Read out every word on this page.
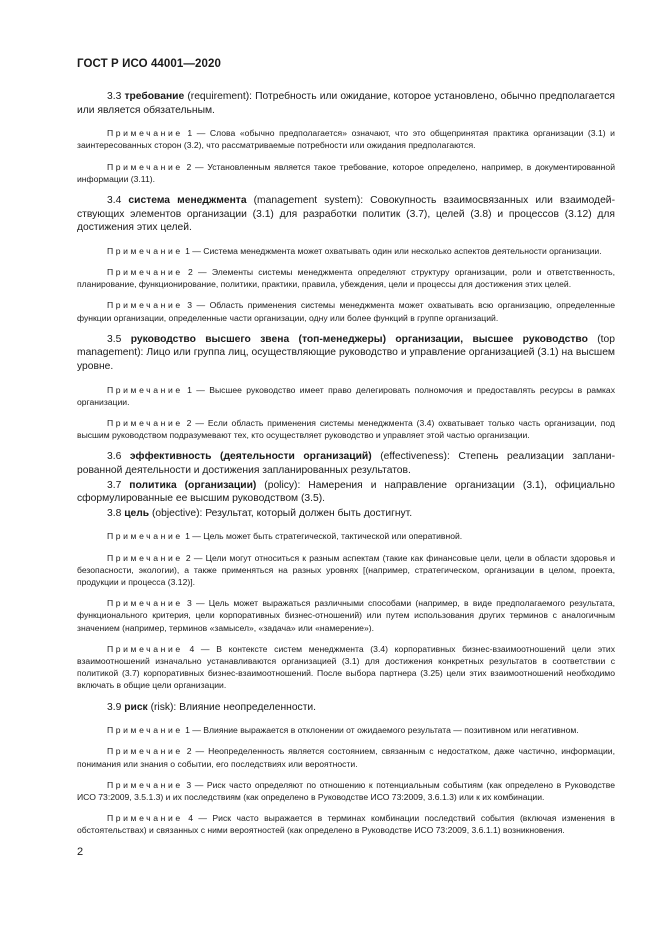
ГОСТ Р ИСО 44001—2020

3.3 требование (requirement): Потребность или ожидание, которое установлено, обычно предполагается или является обязательным.

Примечание 1 — Слова «обычно предполагается» означают, что это общепринятая практика организации (3.1) и заинтересованных сторон (3.2), что рассматриваемые потребности или ожидания предполагаются.

Примечание 2 — Установленным является такое требование, которое определено, например, в документированной информации (3.11).

3.4 система менеджмента (management system): Совокупность взаимосвязанных или взаимодействующих элементов организации (3.1) для разработки политик (3.7), целей (3.8) и процессов (3.12) для достижения этих целей.

Примечание 1 — Система менеджмента может охватывать один или несколько аспектов деятельности организации.

Примечание 2 — Элементы системы менеджмента определяют структуру организации, роли и ответственность, планирование, функционирование, политики, практики, правила, убеждения, цели и процессы для достижения этих целей.

Примечание 3 — Область применения системы менеджмента может охватывать всю организацию, определенные функции организации, определенные части организации, одну или более функций в группе организаций.

3.5 руководство высшего звена (топ-менеджеры) организации, высшее руководство (top management): Лицо или группа лиц, осуществляющие руководство и управление организацией (3.1) на высшем уровне.

Примечание 1 — Высшее руководство имеет право делегировать полномочия и предоставлять ресурсы в рамках организации.

Примечание 2 — Если область применения системы менеджмента (3.4) охватывает только часть организации, под высшим руководством подразумевают тех, кто осуществляет руководство и управляет этой частью организации.

3.6 эффективность (деятельности организаций) (effectiveness): Степень реализации запланированной деятельности и достижения запланированных результатов.

3.7 политика (организации) (policy): Намерения и направление организации (3.1), официально сформулированные ее высшим руководством (3.5).

3.8 цель (objective): Результат, который должен быть достигнут.

Примечание 1 — Цель может быть стратегической, тактической или оперативной.

Примечание 2 — Цели могут относиться к разным аспектам (такие как финансовые цели, цели в области здоровья и безопасности, экологии), а также применяться на разных уровнях [(например, стратегическом, организации в целом, проекта, продукции и процесса (3.12)].

Примечание 3 — Цель может выражаться различными способами (например, в виде предполагаемого результата, функционального критерия, цели корпоративных бизнес-отношений) или путем использования других терминов с аналогичным значением (например, терминов «замысел», «задача» или «намерение»).

Примечание 4 — В контексте систем менеджмента (3.4) корпоративных бизнес-взаимоотношений цели этих взаимоотношений изначально устанавливаются организацией (3.1) для достижения конкретных результатов в соответствии с политикой (3.7) корпоративных бизнес-взаимоотношений. После выбора партнера (3.25) цели этих взаимоотношений необходимо включать в общие цели организации.

3.9 риск (risk): Влияние неопределенности.

Примечание 1 — Влияние выражается в отклонении от ожидаемого результата — позитивном или негативном.

Примечание 2 — Неопределенность является состоянием, связанным с недостатком, даже частично, информации, понимания или знания о событии, его последствиях или вероятности.

Примечание 3 — Риск часто определяют по отношению к потенциальным событиям (как определено в Руководстве ИСО 73:2009, 3.5.1.3) и их последствиям (как определено в Руководстве ИСО 73:2009, 3.6.1.3) или к их комбинации.

Примечание 4 — Риск часто выражается в терминах комбинации последствий события (включая изменения в обстоятельствах) и связанных с ними вероятностей (как определено в Руководстве ИСО 73:2009, 3.6.1.1) возникновения.

2
